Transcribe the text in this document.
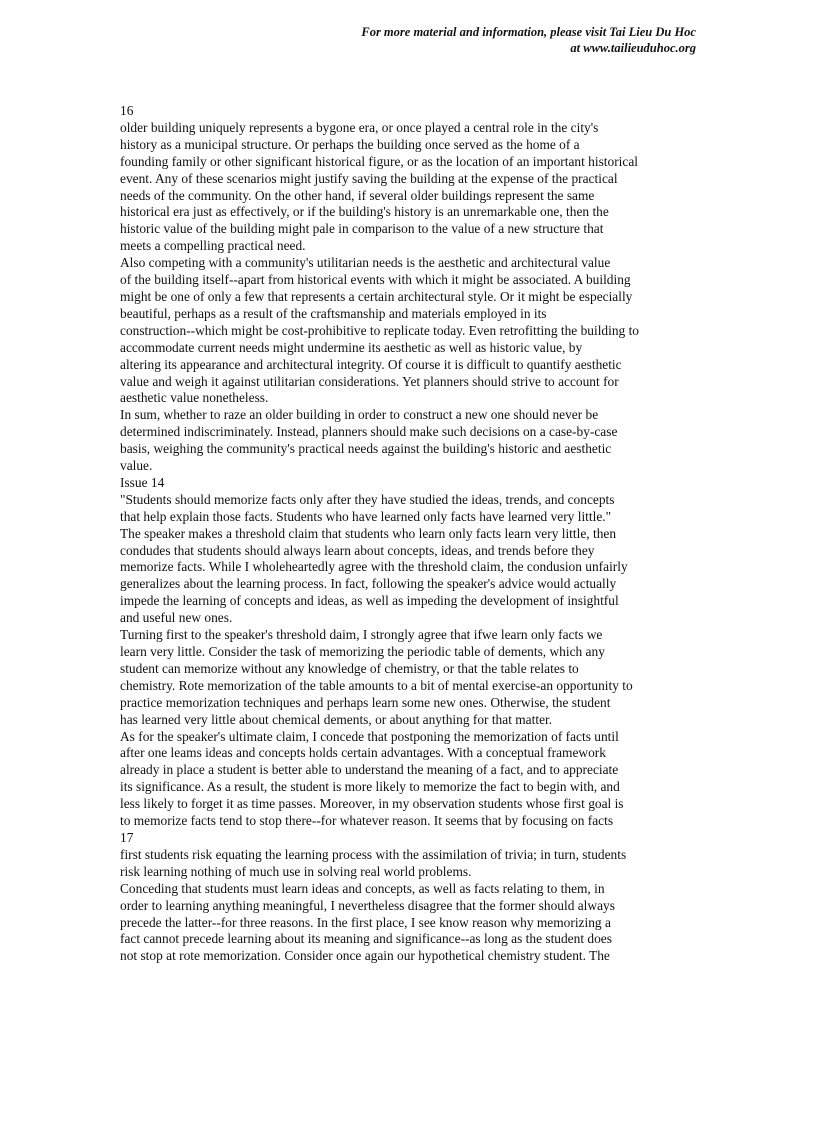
For more material and information, please visit Tai Lieu Du Hoc
at www.tailieuduhoc.org
16
older building uniquely represents a bygone era, or once played a central role in the city's
history as a municipal structure. Or perhaps the building once served as the home of a
founding family or other significant historical figure, or as the location of an important historical
event. Any of these scenarios might justify saving the building at the expense of the practical
needs of the community. On the other hand, if several older buildings represent the same
historical era just as effectively, or if the building's history is an unremarkable one, then the
historic value of the building might pale in comparison to the value of a new structure that
meets a compelling practical need.
Also competing with a community's utilitarian needs is the aesthetic and architectural value
of the building itself--apart from historical events with which it might be associated. A building
might be one of only a few that represents a certain architectural style. Or it might be especially
beautiful, perhaps as a result of the craftsmanship and materials employed in its
construction--which might be cost-prohibitive to replicate today. Even retrofitting the building to
accommodate current needs might undermine its aesthetic as well as historic value, by
altering its appearance and architectural integrity. Of course it is difficult to quantify aesthetic
value and weigh it against utilitarian considerations. Yet planners should strive to account for
aesthetic value nonetheless.
In sum, whether to raze an older building in order to construct a new one should never be
determined indiscriminately. Instead, planners should make such decisions on a case-by-case
basis, weighing the community's practical needs against the building's historic and aesthetic
value.
Issue 14
"Students should memorize facts only after they have studied the ideas, trends, and concepts
that help explain those facts. Students who have learned only facts have learned very little."
The speaker makes a threshold claim that students who learn only facts learn very little, then
condudes that students should always learn about concepts, ideas, and trends before they
memorize facts. While I wholeheartedly agree with the threshold claim, the condusion unfairly
generalizes about the learning process. In fact, following the speaker's advice would actually
impede the learning of concepts and ideas, as well as impeding the development of insightful
and useful new ones.
Turning first to the speaker's threshold daim, I strongly agree that ifwe learn only facts we
learn very little. Consider the task of memorizing the periodic table of dements, which any
student can memorize without any knowledge of chemistry, or that the table relates to
chemistry. Rote memorization of the table amounts to a bit of mental exercise-an opportunity to
practice memorization techniques and perhaps learn some new ones. Otherwise, the student
has learned very little about chemical dements, or about anything for that matter.
As for the speaker's ultimate claim, I concede that postponing the memorization of facts until
after one leams ideas and concepts holds certain advantages. With a conceptual framework
already in place a student is better able to understand the meaning of a fact, and to appreciate
its significance. As a result, the student is more likely to memorize the fact to begin with, and
less likely to forget it as time passes. Moreover, in my observation students whose first goal is
to memorize facts tend to stop there--for whatever reason. It seems that by focusing on facts
17
first students risk equating the learning process with the assimilation of trivia; in turn, students
risk learning nothing of much use in solving real world problems.
Conceding that students must learn ideas and concepts, as well as facts relating to them, in
order to learning anything meaningful, I nevertheless disagree that the former should always
precede the latter--for three reasons. In the first place, I see know reason why memorizing a
fact cannot precede learning about its meaning and significance--as long as the student does
not stop at rote memorization. Consider once again our hypothetical chemistry student. The
